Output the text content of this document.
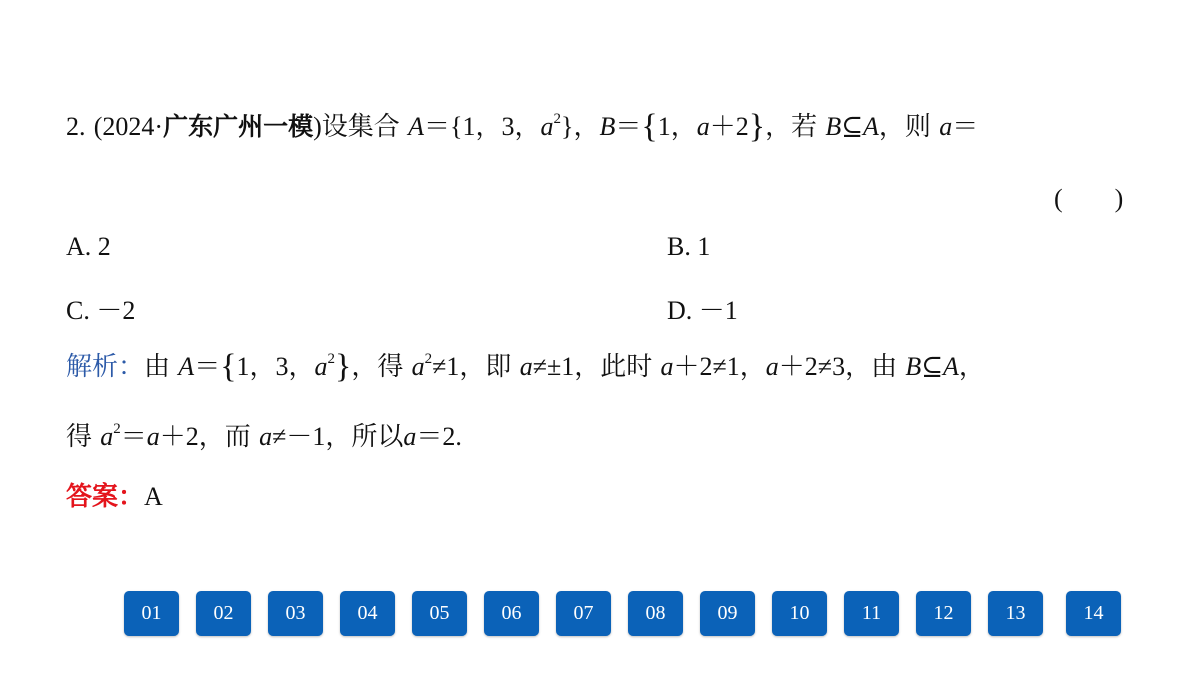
2. (2024·广东广州一模)设集合 A＝{1，3，$a^2$}，B＝{1，a＋2}，若 B⊆A，则 a＝
(　　)
A. 2	B. 1
C. －2	D. －1
解析：由 A＝{1，3，$a^2$}，得 $a^2\ne 1$，即 a≠±1，此时 a＋2≠1，a＋2≠3，由 B⊆A，
得 $a^2=a+2$，而 a≠－1，所以a＝2.
答案：A
01	02	03	04	05	06	07	08	09	10	11	12	13	14
